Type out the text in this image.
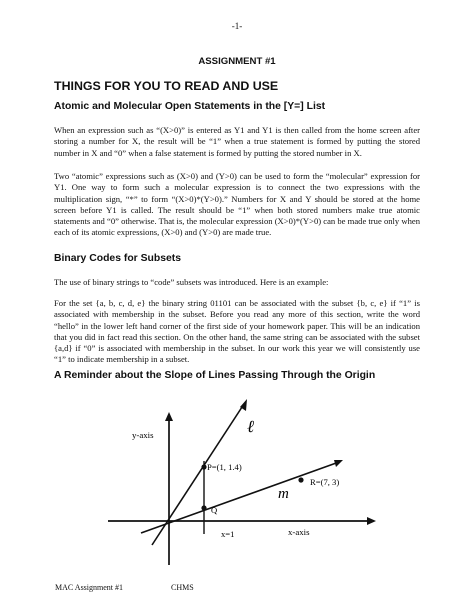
-1-
ASSIGNMENT #1
THINGS FOR YOU TO READ AND USE
Atomic and Molecular Open Statements in the [Y=] List
When an expression such as “(X>0)” is entered as Y1 and Y1 is then called from the home screen after storing a number for X, the result will be “1” when a true statement is formed by putting the stored number in X and “0” when a false statement is formed by putting the stored number in X.
Two “atomic” expressions such as (X>0) and (Y>0) can be used to form the “molecular” expression for Y1. One way to form such a molecular expression is to connect the two expressions with the multiplication sign, “*” to form “(X>0)*(Y>0).” Numbers for X and Y should be stored at the home screen before Y1 is called. The result should be “1” when both stored numbers make true atomic statements and “0” otherwise. That is, the molecular expression (X>0)*(Y>0) can be made true only when each of its atomic expressions, (X>0) and (Y>0) are made true.
Binary Codes for Subsets
The use of binary strings to “code” subsets was introduced. Here is an example:
For the set {a, b, c, d, e} the binary string 01101 can be associated with the subset {b, c, e} if “1” is associated with membership in the subset. Before you read any more of this section, write the word “hello” in the lower left hand corner of the first side of your homework paper. This will be an indication that you did in fact read this section. On the other hand, the same string can be associated with the subset {a,d} if “0” is associated with membership in the subset. In our work this year we will consistently use “1” to indicate membership in a subset.
A Reminder about the Slope of Lines Passing Through the Origin
y-axis
x-axis
ℓ
m
P=(1, 1.4)
R=(7, 3)
Q
x=1
MAC Assignment #1	CHMS
